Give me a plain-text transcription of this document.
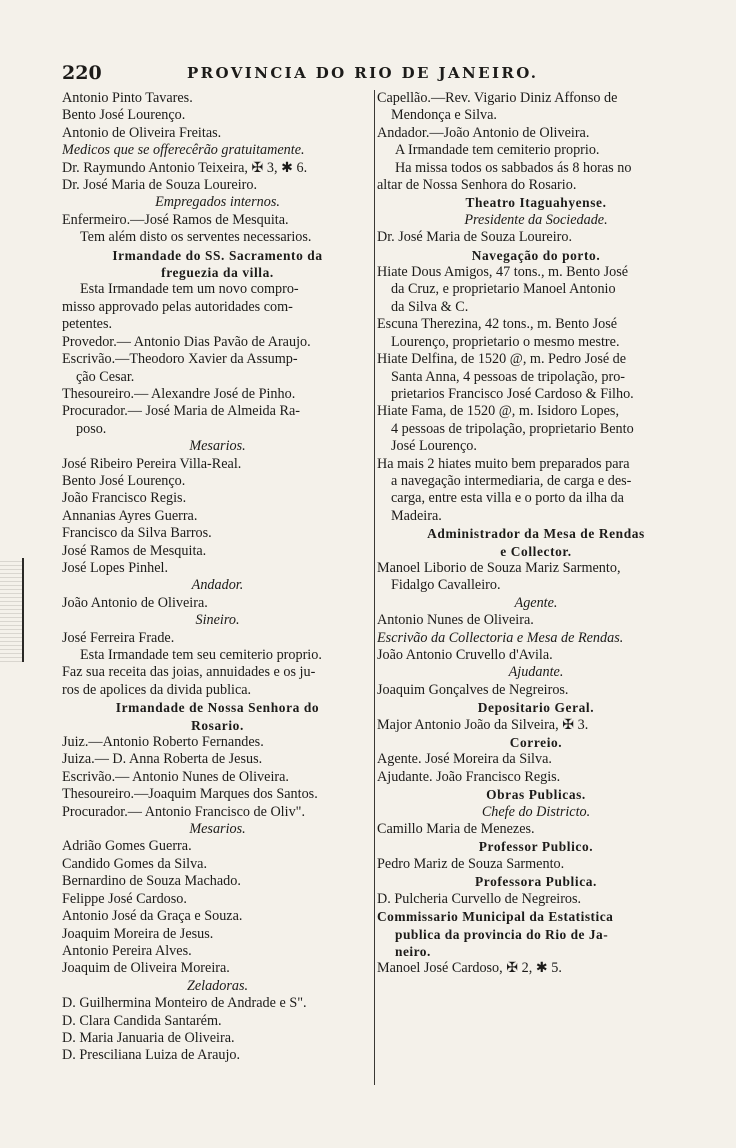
220	PROVINCIA DO RIO DE JANEIRO.
Antonio Pinto Tavares.
Bento José Lourenço.
Antonio de Oliveira Freitas.
Medicos que se offerecêrão gratuitamente.
Dr. Raymundo Antonio Teixeira, ✠ 3, ✱ 6.
Dr. José Maria de Souza Loureiro.
Empregados internos.
Enfermeiro.—José Ramos de Mesquita.
Tem além disto os serventes necessarios.
Irmandade do SS. Sacramento da
freguezia da villa.
Esta Irmandade tem um novo compro-
misso approvado pelas autoridades com-
petentes.
Provedor.— Antonio Dias Pavão de Araujo.
Escrivão.—Theodoro Xavier da Assump-
ção Cesar.
Thesoureiro.— Alexandre José de Pinho.
Procurador.— José Maria de Almeida Ra-
poso.
Mesarios.
José Ribeiro Pereira Villa-Real.
Bento José Lourenço.
João Francisco Regis.
Annanias Ayres Guerra.
Francisco da Silva Barros.
José Ramos de Mesquita.
José Lopes Pinhel.
Andador.
João Antonio de Oliveira.
Sineiro.
José Ferreira Frade.
Esta Irmandade tem seu cemiterio proprio.
Faz sua receita das joias, annuidades e os ju-
ros de apolices da divida publica.
Irmandade de Nossa Senhora do
Rosario.
Juiz.—Antonio Roberto Fernandes.
Juiza.— D. Anna Roberta de Jesus.
Escrivão.— Antonio Nunes de Oliveira.
Thesoureiro.—Joaquim Marques dos Santos.
Procurador.— Antonio Francisco de Oliv".
Mesarios.
Adrião Gomes Guerra.
Candido Gomes da Silva.
Bernardino de Souza Machado.
Felippe José Cardoso.
Antonio José da Graça e Souza.
Joaquim Moreira de Jesus.
Antonio Pereira Alves.
Joaquim de Oliveira Moreira.
Zeladoras.
D. Guilhermina Monteiro de Andrade e S".
D. Clara Candida Santarém.
D. Maria Januaria de Oliveira.
D. Presciliana Luiza de Araujo.
Capellão.—Rev. Vigario Diniz Affonso de
Mendonça e Silva.
Andador.—João Antonio de Oliveira.
A Irmandade tem cemiterio proprio.
Ha missa todos os sabbados ás 8 horas no
altar de Nossa Senhora do Rosario.
Theatro Itaguahyense.
Presidente da Sociedade.
Dr. José Maria de Souza Loureiro.
Navegação do porto.
Hiate Dous Amigos, 47 tons., m. Bento José
da Cruz, e proprietario Manoel Antonio
da Silva & C.
Escuna Therezina, 42 tons., m. Bento José
Lourenço, proprietario o mesmo mestre.
Hiate Delfina, de 1520 @, m. Pedro José de
Santa Anna, 4 pessoas de tripolação, pro-
prietarios Francisco José Cardoso & Filho.
Hiate Fama, de 1520 @, m. Isidoro Lopes,
4 pessoas de tripolação, proprietario Bento
José Lourenço.
Ha mais 2 hiates muito bem preparados para
a navegação intermediaria, de carga e des-
carga, entre esta villa e o porto da ilha da
Madeira.
Administrador da Mesa de Rendas
e Collector.
Manoel Liborio de Souza Mariz Sarmento,
Fidalgo Cavalleiro.
Agente.
Antonio Nunes de Oliveira.
Escrivão da Collectoria e Mesa de Rendas.
João Antonio Cruvello d'Avila.
Ajudante.
Joaquim Gonçalves de Negreiros.
Depositario Geral.
Major Antonio João da Silveira, ✠ 3.
Correio.
Agente. José Moreira da Silva.
Ajudante. João Francisco Regis.
Obras Publicas.
Chefe do Districto.
Camillo Maria de Menezes.
Professor Publico.
Pedro Mariz de Souza Sarmento.
Professora Publica.
D. Pulcheria Curvello de Negreiros.
Commissario Municipal da Estatistica
publica da provincia do Rio de Ja-
neiro.
Manoel José Cardoso, ✠ 2, ✱ 5.
